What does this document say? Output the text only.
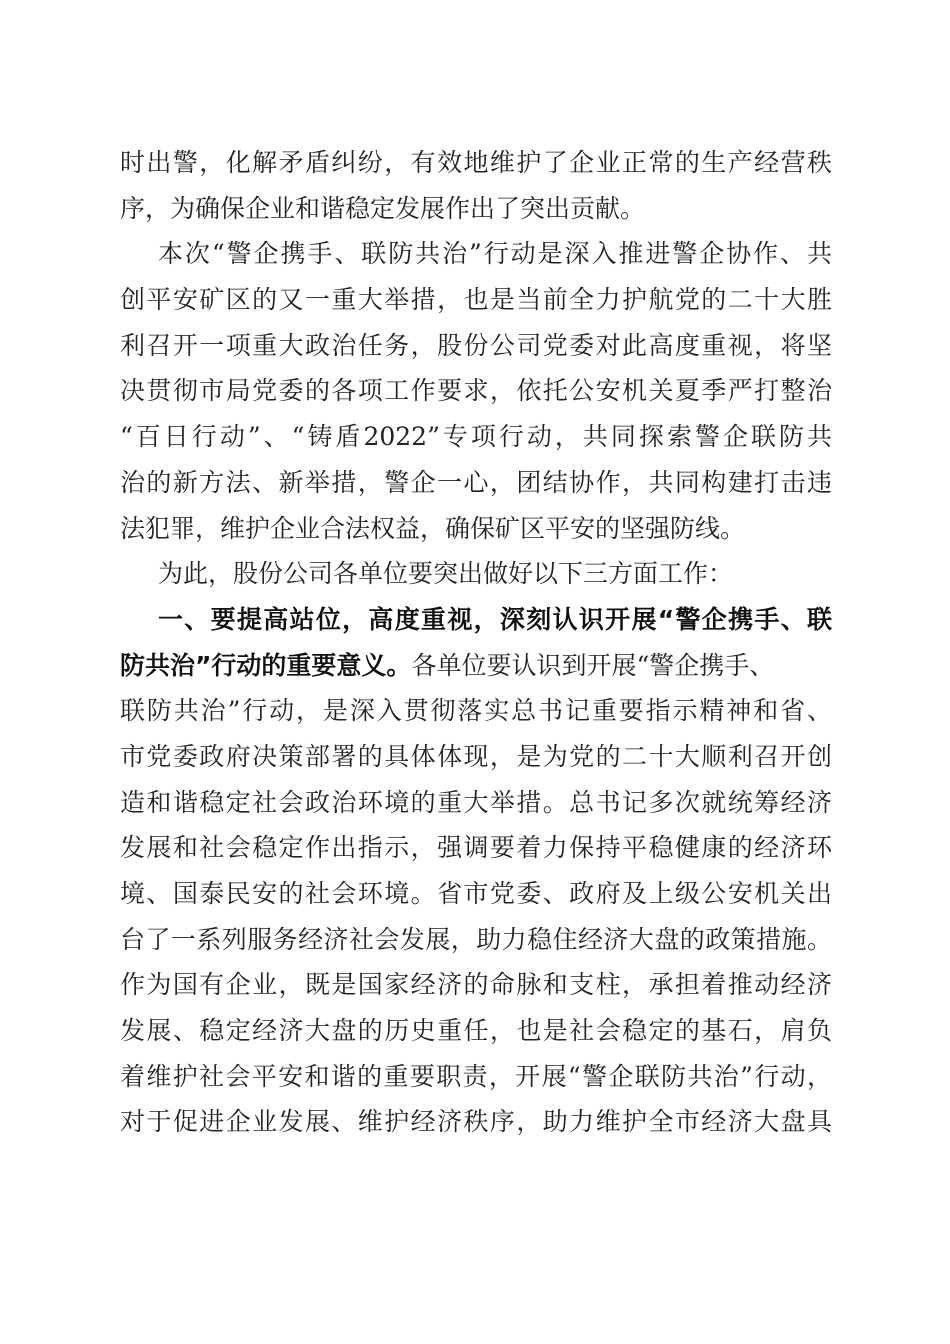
时出警，化解矛盾纠纷，有效地维护了企业正常的生产经营秩
序，为确保企业和谐稳定发展作出了突出贡献。
本次“警企携手、联防共治”行动是深入推进警企协作、共
创平安矿区的又一重大举措，也是当前全力护航党的二十大胜
利召开一项重大政治任务，股份公司党委对此高度重视，将坚
决贯彻市局党委的各项工作要求，依托公安机关夏季严打整治
“百日行动”、“铸盾2022”专项行动，共同探索警企联防共
治的新方法、新举措，警企一心，团结协作，共同构建打击违
法犯罪，维护企业合法权益，确保矿区平安的坚强防线。
为此，股份公司各单位要突出做好以下三方面工作：
一、要提高站位，高度重视，深刻认识开展“警企携手、联
防共治”行动的重要意义。各单位要认识到开展“警企携手、
联防共治”行动，是深入贯彻落实总书记重要指示精神和省、
市党委政府决策部署的具体体现，是为党的二十大顺利召开创
造和谐稳定社会政治环境的重大举措。总书记多次就统筹经济
发展和社会稳定作出指示，强调要着力保持平稳健康的经济环
境、国泰民安的社会环境。省市党委、政府及上级公安机关出
台了一系列服务经济社会发展，助力稳住经济大盘的政策措施。
作为国有企业，既是国家经济的命脉和支柱，承担着推动经济
发展、稳定经济大盘的历史重任，也是社会稳定的基石，肩负
着维护社会平安和谐的重要职责，开展“警企联防共治”行动，
对于促进企业发展、维护经济秩序，助力维护全市经济大盘具
